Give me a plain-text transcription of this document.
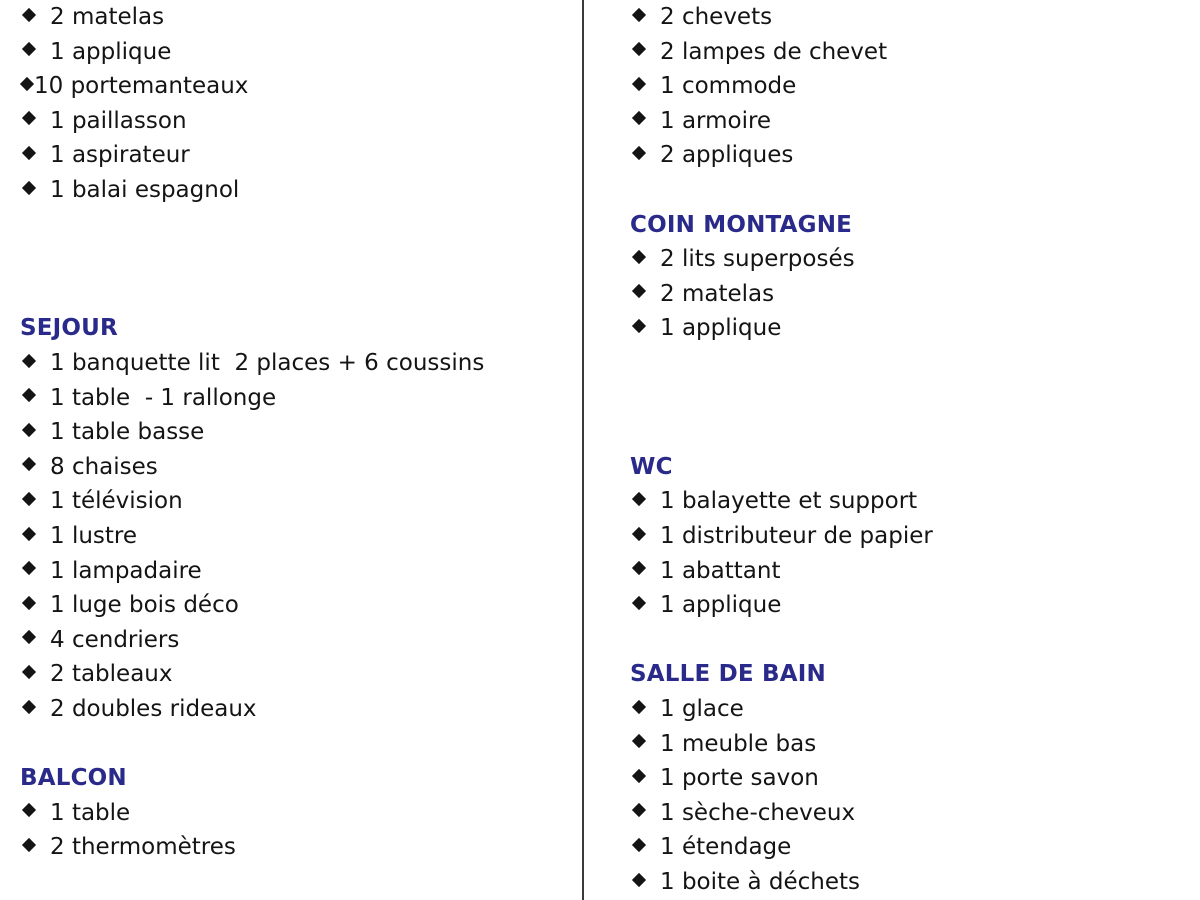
2 matelas
1 applique
10 portemanteaux
1 paillasson
1 aspirateur
1 balai espagnol
SEJOUR
1 banquette lit  2 places + 6 coussins
1 table  - 1 rallonge
1 table basse
8 chaises
1 télévision
1 lustre
1 lampadaire
1 luge bois déco
4 cendriers
2 tableaux
2 doubles rideaux
BALCON
1 table
2 thermomètres
2 chevets
2 lampes de chevet
1 commode
1 armoire
2 appliques
COIN MONTAGNE
2 lits superposés
2 matelas
1 applique
WC
1 balayette et support
1 distributeur de papier
1 abattant
1 applique
SALLE DE BAIN
1 glace
1 meuble bas
1 porte savon
1 sèche-cheveux
1 étendage
1 boite à déchets
